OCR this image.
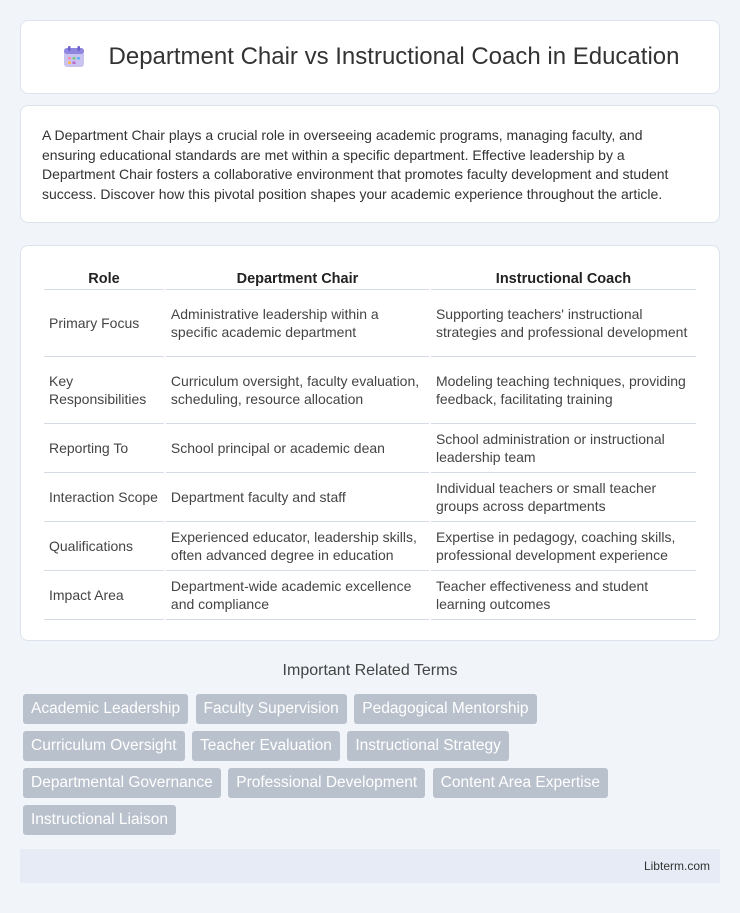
Department Chair vs Instructional Coach in Education

A Department Chair plays a crucial role in overseeing academic programs, managing faculty, and ensuring educational standards are met within a specific department. Effective leadership by a Department Chair fosters a collaborative environment that promotes faculty development and student success. Discover how this pivotal position shapes your academic experience throughout the article.

Role	Department Chair	Instructional Coach
Primary Focus	Administrative leadership within a specific academic department	Supporting teachers' instructional strategies and professional development
Key Responsibilities	Curriculum oversight, faculty evaluation, scheduling, resource allocation	Modeling teaching techniques, providing feedback, facilitating training
Reporting To	School principal or academic dean	School administration or instructional leadership team
Interaction Scope	Department faculty and staff	Individual teachers or small teacher groups across departments
Qualifications	Experienced educator, leadership skills, often advanced degree in education	Expertise in pedagogy, coaching skills, professional development experience
Impact Area	Department-wide academic excellence and compliance	Teacher effectiveness and student learning outcomes
Important Related Terms
Academic Leadership Faculty Supervision Pedagogical Mentorship
Curriculum Oversight Teacher Evaluation Instructional Strategy
Departmental Governance Professional Development Content Area Expertise
Instructional Liaison
Libterm.com
